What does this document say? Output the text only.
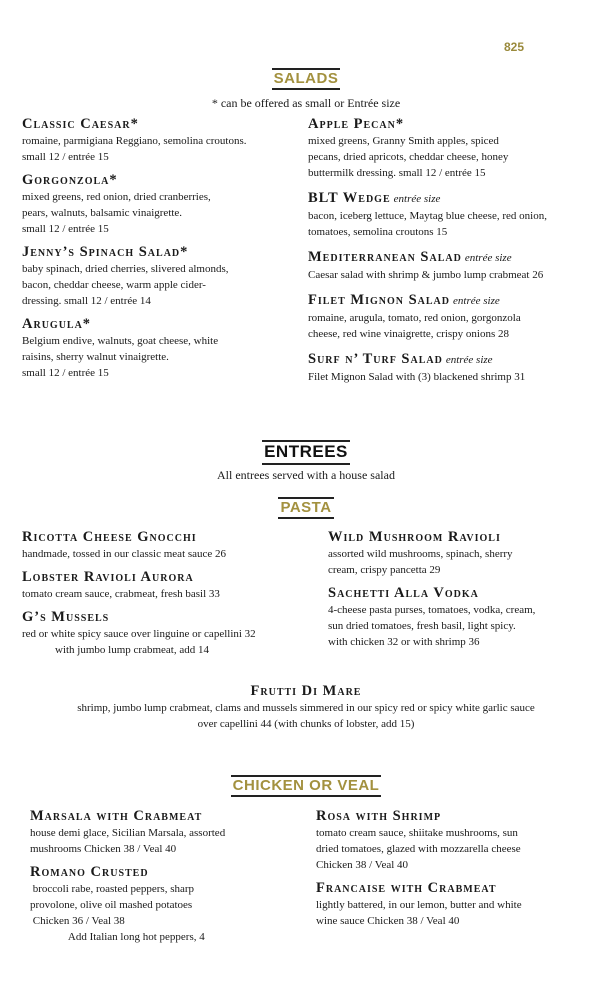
825
SALADS
* can be offered as small or Entrée size
Classic Caesar*
romaine, parmigiana Reggiano, semolina croutons.
small 12 / entrée 15
Gorgonzola*
mixed greens, red onion, dried cranberries,
pears, walnuts, balsamic vinaigrette.
small 12 / entrée 15
Jenny’s Spinach Salad*
baby spinach, dried cherries, slivered almonds,
bacon, cheddar cheese, warm apple cider-
dressing. small 12 / entrée 14
Arugula*
Belgium endive, walnuts, goat cheese, white
raisins, sherry walnut vinaigrette.
small 12 / entrée 15
Apple Pecan*
mixed greens, Granny Smith apples, spiced
pecans, dried apricots, cheddar cheese, honey
buttermilk dressing. small 12 / entrée 15
BLT Wedge entrée size
bacon, iceberg lettuce, Maytag blue cheese, red onion,
tomatoes, semolina croutons 15
Mediterranean Salad entrée size
Caesar salad with shrimp & jumbo lump crabmeat 26
Filet Mignon Salad entrée size
romaine, arugula, tomato, red onion, gorgonzola
cheese, red wine vinaigrette, crispy onions 28
Surf n’ Turf Salad entrée size
Filet Mignon Salad with (3) blackened shrimp 31
ENTREES
All entrees served with a house salad
PASTA
Ricotta Cheese Gnocchi
handmade, tossed in our classic meat sauce 26
Lobster Ravioli Aurora
tomato cream sauce, crabmeat, fresh basil 33
G’s Mussels
red or white spicy sauce over linguine or capellini 32
with jumbo lump crabmeat, add 14
Wild Mushroom Ravioli
assorted wild mushrooms, spinach, sherry
cream, crispy pancetta 29
Sachetti Alla Vodka
4-cheese pasta purses, tomatoes, vodka, cream,
sun dried tomatoes, fresh basil, light spicy.
with chicken 32 or with shrimp 36
Frutti Di Mare
shrimp, jumbo lump crabmeat, clams and mussels simmered in our spicy red or spicy white garlic sauce
over capellini 44 (with chunks of lobster, add 15)
CHICKEN OR VEAL
Marsala with Crabmeat
house demi glace, Sicilian Marsala, assorted
mushrooms Chicken 38 / Veal 40
Romano Crusted
broccoli rabe, roasted peppers, sharp
provolone, olive oil mashed potatoes
Chicken 36 / Veal 38
Add Italian long hot peppers, 4
Rosa with Shrimp
tomato cream sauce, shiitake mushrooms, sun
dried tomatoes, glazed with mozzarella cheese
Chicken 38 / Veal 40
Francaise with Crabmeat
lightly battered, in our lemon, butter and white
wine sauce Chicken 38 / Veal 40
